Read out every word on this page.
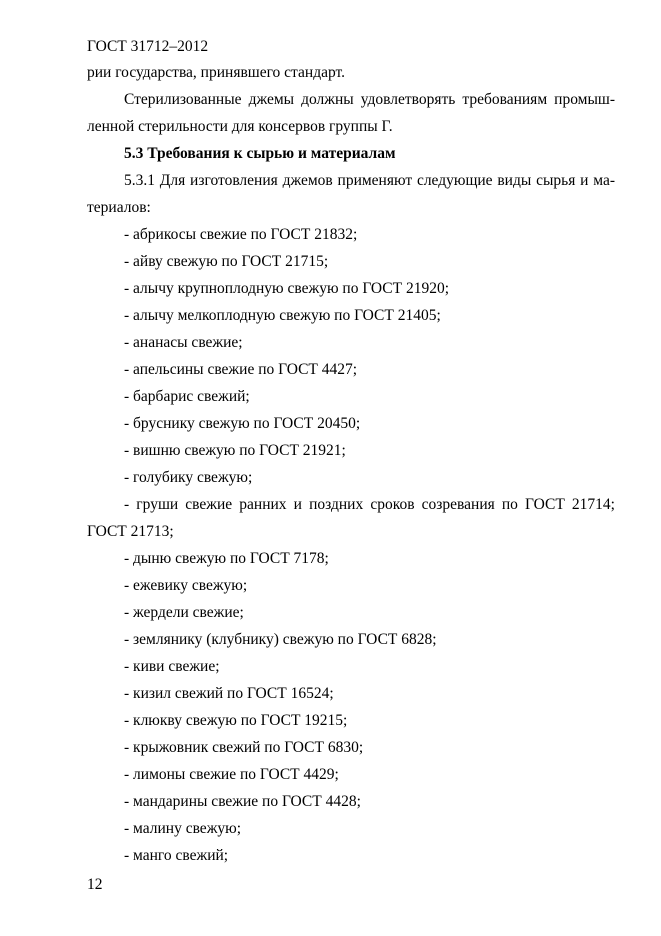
ГОСТ 31712–2012
рии государства, принявшего стандарт.
Стерилизованные джемы должны удовлетворять требованиям промыш-
ленной стерильности для консервов группы Г.
5.3 Требования к сырью и материалам
5.3.1 Для изготовления джемов применяют следующие виды сырья и ма-
териалов:
- абрикосы свежие по ГОСТ 21832;
- айву свежую по ГОСТ 21715;
- алычу крупноплодную свежую по ГОСТ 21920;
- алычу мелкоплодную свежую по ГОСТ 21405;
- ананасы свежие;
- апельсины свежие по ГОСТ 4427;
- барбарис свежий;
- бруснику свежую по ГОСТ 20450;
- вишню свежую по ГОСТ 21921;
- голубику свежую;
- груши свежие ранних и поздних сроков созревания по ГОСТ 21714;
ГОСТ 21713;
- дыню свежую по ГОСТ 7178;
- ежевику свежую;
- жердели свежие;
- землянику (клубнику) свежую по ГОСТ 6828;
- киви свежие;
- кизил свежий по ГОСТ 16524;
- клюкву свежую по ГОСТ 19215;
- крыжовник свежий по ГОСТ 6830;
- лимоны свежие по ГОСТ 4429;
- мандарины свежие по ГОСТ 4428;
- малину свежую;
- манго свежий;
12
